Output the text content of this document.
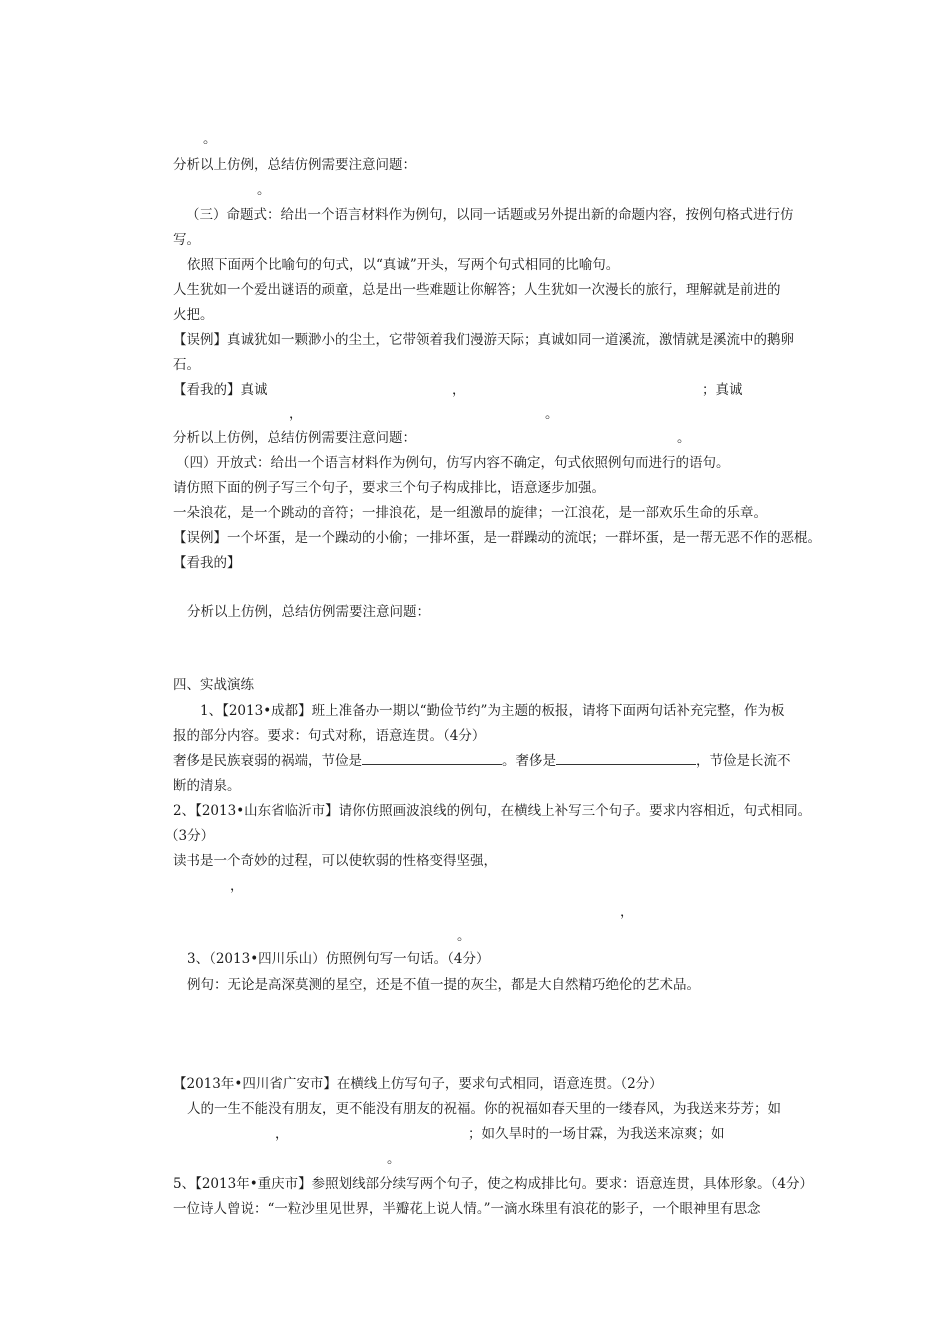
。
分析以上仿例，总结仿例需要注意问题：
。
（三）命题式：给出一个语言材料作为例句，以同一话题或另外提出新的命题内容，按例句格式进行仿
写。
依照下面两个比喻句的句式，以“真诚”开头，写两个句式相同的比喻句。
人生犹如一个爱出谜语的顽童，总是出一些难题让你解答；人生犹如一次漫长的旅行，理解就是前进的
火把。
【误例】真诚犹如一颗渺小的尘土，它带领着我们漫游天际；真诚如同一道溪流，激情就是溪流中的鹅卵
石。
【看我的】真诚	，	；真诚
，	。
分析以上仿例，总结仿例需要注意问题：	。
（四）开放式：给出一个语言材料作为例句，仿写内容不确定，句式依照例句而进行的语句。
请仿照下面的例子写三个句子，要求三个句子构成排比，语意逐步加强。
一朵浪花，是一个跳动的音符；一排浪花，是一组激昂的旋律；一江浪花，是一部欢乐生命的乐章。
【误例】一个坏蛋，是一个躁动的小偷；一排坏蛋，是一群躁动的流氓；一群坏蛋，是一帮无恶不作的恶棍。
【看我的】
分析以上仿例，总结仿例需要注意问题：
四、实战演练
1、【2013•成都】班上准备办一期以“勤俭节约”为主题的板报，请将下面两句话补充完整，作为板
报的部分内容。要求：句式对称，语意连贯。（4分）
奢侈是民族衰弱的祸端，节俭是	。奢侈是	，节俭是长流不
断的清泉。
2、【2013•山东省临沂市】请你仿照画波浪线的例句，在横线上补写三个句子。要求内容相近，句式相同。
（3分）
读书是一个奇妙的过程，可以使软弱的性格变得坚强，
，
，
。
3、（2013•四川乐山）仿照例句写一句话。（4分）
例句：无论是高深莫测的星空，还是不值一提的灰尘，都是大自然精巧绝伦的艺术品。
【2013年•四川省广安市】在横线上仿写句子，要求句式相同，语意连贯。（2分）
人的一生不能没有朋友，更不能没有朋友的祝福。你的祝福如春天里的一缕春风，为我送来芬芳；如
，	；如久旱时的一场甘霖，为我送来凉爽；如
。
5、【2013年•重庆市】参照划线部分续写两个句子，使之构成排比句。要求：语意连贯，具体形象。（4分）
一位诗人曾说：“一粒沙里见世界，半瓣花上说人情。”一滴水珠里有浪花的影子，一个眼神里有思念
